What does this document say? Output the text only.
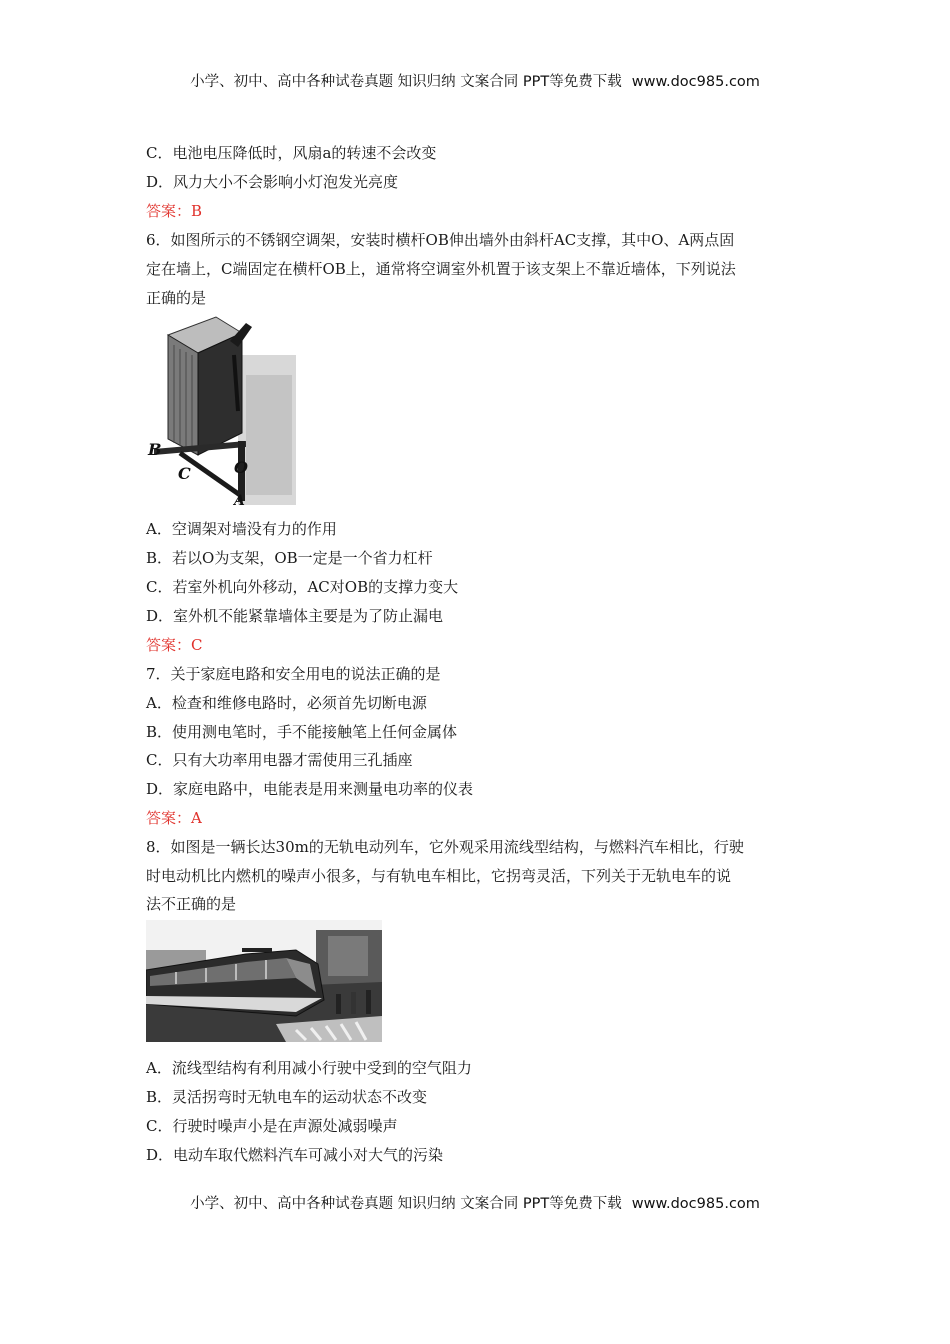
小学、初中、高中各种试卷真题 知识归纳 文案合同 PPT等免费下载 www.doc985.com
C．电池电压降低时，风扇a的转速不会改变
D．风力大小不会影响小灯泡发光亮度
答案：B
6．如图所示的不锈钢空调架，安装时横杆OB伸出墙外由斜杆AC支撑，其中O、A两点固
定在墙上，C端固定在横杆OB上，通常将空调室外机置于该支架上不靠近墙体，下列说法
正确的是
B
C	O
A
A．空调架对墙没有力的作用
B．若以O为支架，OB一定是一个省力杠杆
C．若室外机向外移动，AC对OB的支撑力变大
D．室外机不能紧靠墙体主要是为了防止漏电
答案：C
7．关于家庭电路和安全用电的说法正确的是
A．检查和维修电路时，必须首先切断电源
B．使用测电笔时，手不能接触笔上任何金属体
C．只有大功率用电器才需使用三孔插座
D．家庭电路中，电能表是用来测量电功率的仪表
答案：A
8．如图是一辆长达30m的无轨电动列车，它外观采用流线型结构，与燃料汽车相比，行驶
时电动机比内燃机的噪声小很多，与有轨电车相比，它拐弯灵活，下列关于无轨电车的说
法不正确的是
A．流线型结构有利用减小行驶中受到的空气阻力
B．灵活拐弯时无轨电车的运动状态不改变
C．行驶时噪声小是在声源处减弱噪声
D．电动车取代燃料汽车可减小对大气的污染
小学、初中、高中各种试卷真题 知识归纳 文案合同 PPT等免费下载 www.doc985.com
